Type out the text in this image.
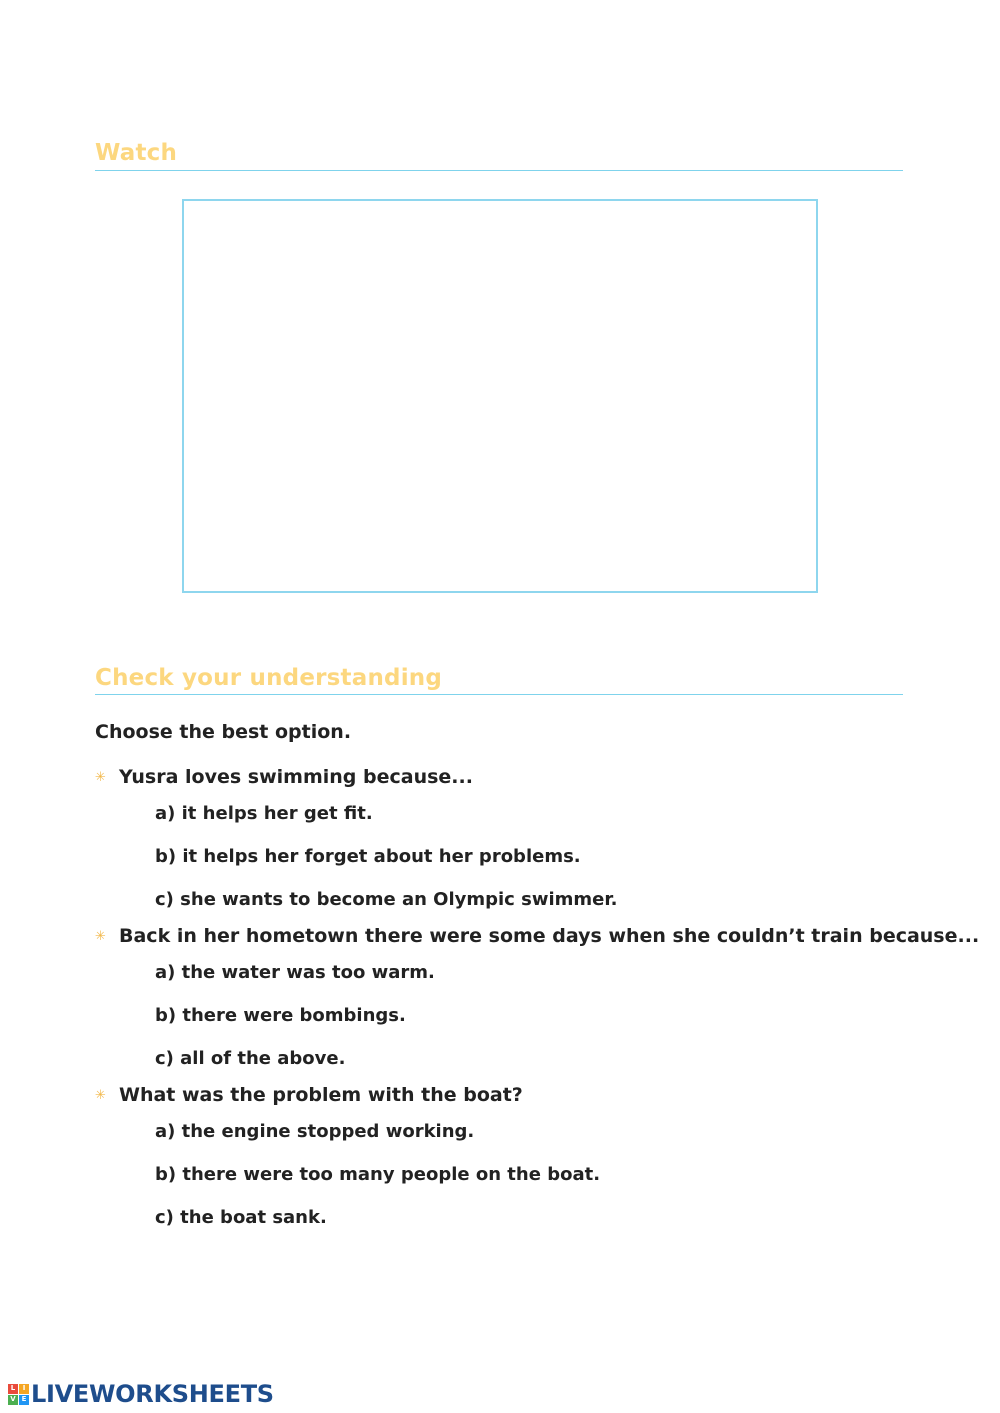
Watch
Check your understanding

Choose the best option.

✳ Yusra loves swimming because...
a) it helps her get fit.
b) it helps her forget about her problems.
c) she wants to become an Olympic swimmer.
✳ Back in her hometown there were some days when she couldn’t train because...
a) the water was too warm.
b) there were bombings.
c) all of the above.
✳ What was the problem with the boat?
a) the engine stopped working.
b) there were too many people on the boat.
c) the boat sank.
L	I
V E LIVEWORKSHEETS
